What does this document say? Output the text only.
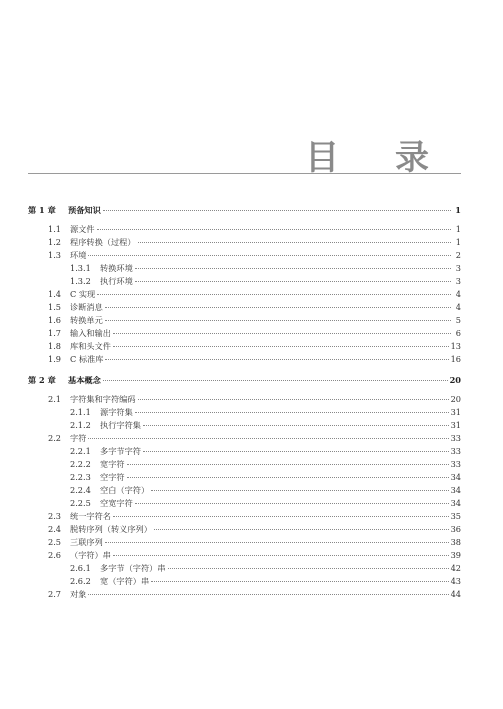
目 录
第 1 章	预备知识	1
1.1	源文件	1
1.2	程序转换（过程）	1
1.3	环境	2
1.3.1	转换环境	3
1.3.2	执行环境	3
1.4	C 实现	4
1.5	诊断消息	4
1.6	转换单元	5
1.7	输入和输出	6
1.8	库和头文件	13
1.9	C 标准库	16
第 2 章	基本概念	20
2.1	字符集和字符编码	20
2.1.1	源字符集	31
2.1.2	执行字符集	31
2.2	字符	33
2.2.1	多字节字符	33
2.2.2	宽字符	33
2.2.3	空字符	34
2.2.4	空白（字符）	34
2.2.5	空宽字符	34
2.3	统一字符名	35
2.4	脱转序列（转义序列）	36
2.5	三联序列	38
2.6	（字符）串	39
2.6.1	多字节（字符）串	42
2.6.2	宽（字符）串	43
2.7	对象	44
